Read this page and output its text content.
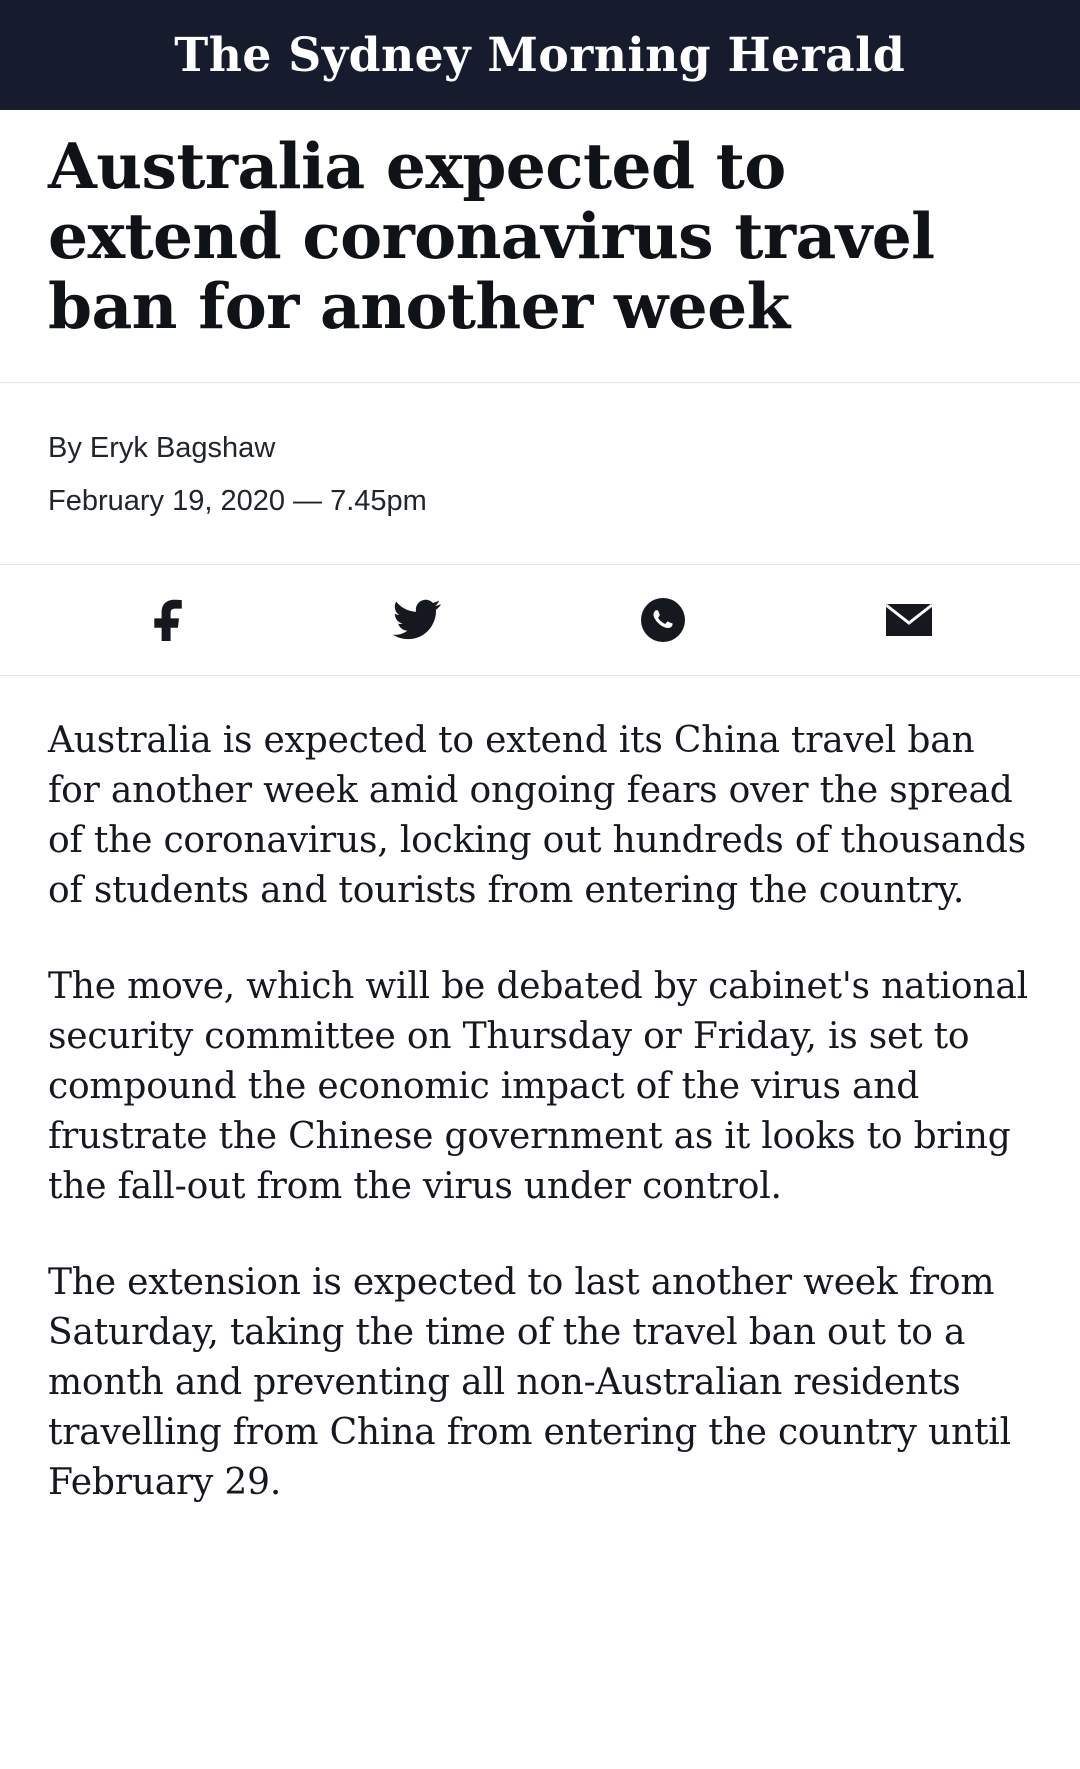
The Sydney Morning Herald
Australia expected to extend coronavirus travel ban for another week

By Eryk Bagshaw

February 19, 2020 — 7.45pm

Australia is expected to extend its China travel ban for another week amid ongoing fears over the spread of the coronavirus, locking out hundreds of thousands of students and tourists from entering the country.

The move, which will be debated by cabinet's national security committee on Thursday or Friday, is set to compound the economic impact of the virus and frustrate the Chinese government as it looks to bring the fall-out from the virus under control.

The extension is expected to last another week from Saturday, taking the time of the travel ban out to a month and preventing all non-Australian residents travelling from China from entering the country until February 29.
